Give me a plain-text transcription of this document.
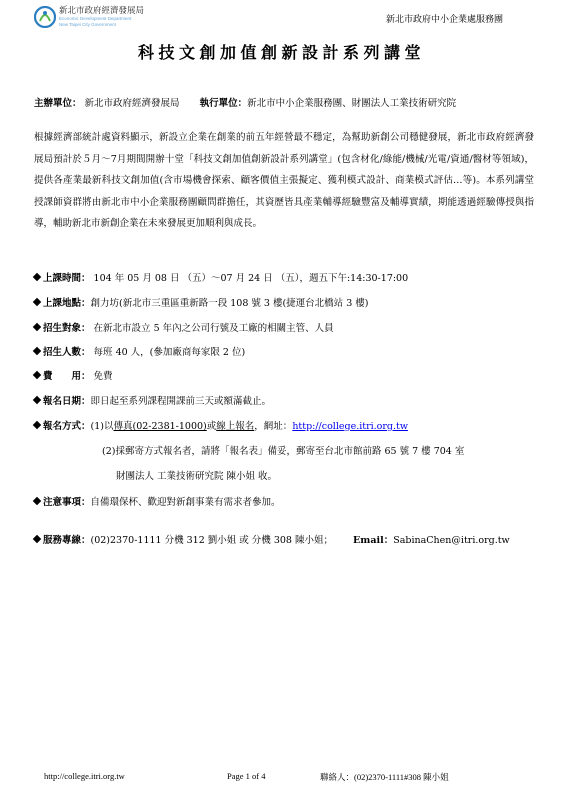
新北市政府經濟發展局
Economic Development Department
New Taipei City Government	新北市政府中小企業處服務團
科技文創加值創新設計系列講堂
主辦單位： 新北市政府經濟發展局 執行單位：新北市中小企業服務團、財團法人工業技術研究院
根據經濟部統計處資料顯示，新設立企業在創業的前五年經營最不穩定，為幫助新創公司穩健發展，新北市政府經濟發展局預計於５月～7月期間開辦十堂「科技文創加值創新設計系列講堂」(包含材化/綠能/機械/光電/資通/醫材等領域)，提供各產業最新科技文創加值(含市場機會探索、顧客價值主張擬定、獲利模式設計、商業模式評估…等)。本系列講堂授課師資群將由新北市中小企業服務團顧問群擔任，其資歷皆具產業輔導經驗豐富及輔導實績，期能透過經驗傳授與指導，輔助新北市新創企業在未來發展更加順利與成長。
上課時間： 104 年 05 月 08 日 （五）～07 月 24 日 （五），週五下午:14:30-17:00
上課地點：創力坊(新北市三重區重新路一段 108 號 3 樓(捷運台北橋站 3 樓)
招生對象： 在新北市設立 5 年內之公司行號及工廠的相關主管、人員
招生人數： 每班 40 人，(參加廠商每家限 2 位)
費　　用： 免費
報名日期：即日起至系列課程開課前三天或額滿截止。
報名方式：(1)以傳真(02-2381-1000)或線上報名，網址：http://college.itri.org.tw
(2)採郵寄方式報名者，請將「報名表」備妥，郵寄至台北市館前路 65 號 7 樓 704 室
財團法人 工業技術研究院 陳小姐 收。
注意事項：自備環保杯、歡迎對新創事業有需求者參加。
服務專線：(02)2370-1111 分機 312 劉小姐 或 分機 308 陳小姐； Email：SabinaChen@itri.org.tw
http://college.itri.org.tw	Page 1 of 4	聯絡人：(02)2370-1111#308 陳小姐
